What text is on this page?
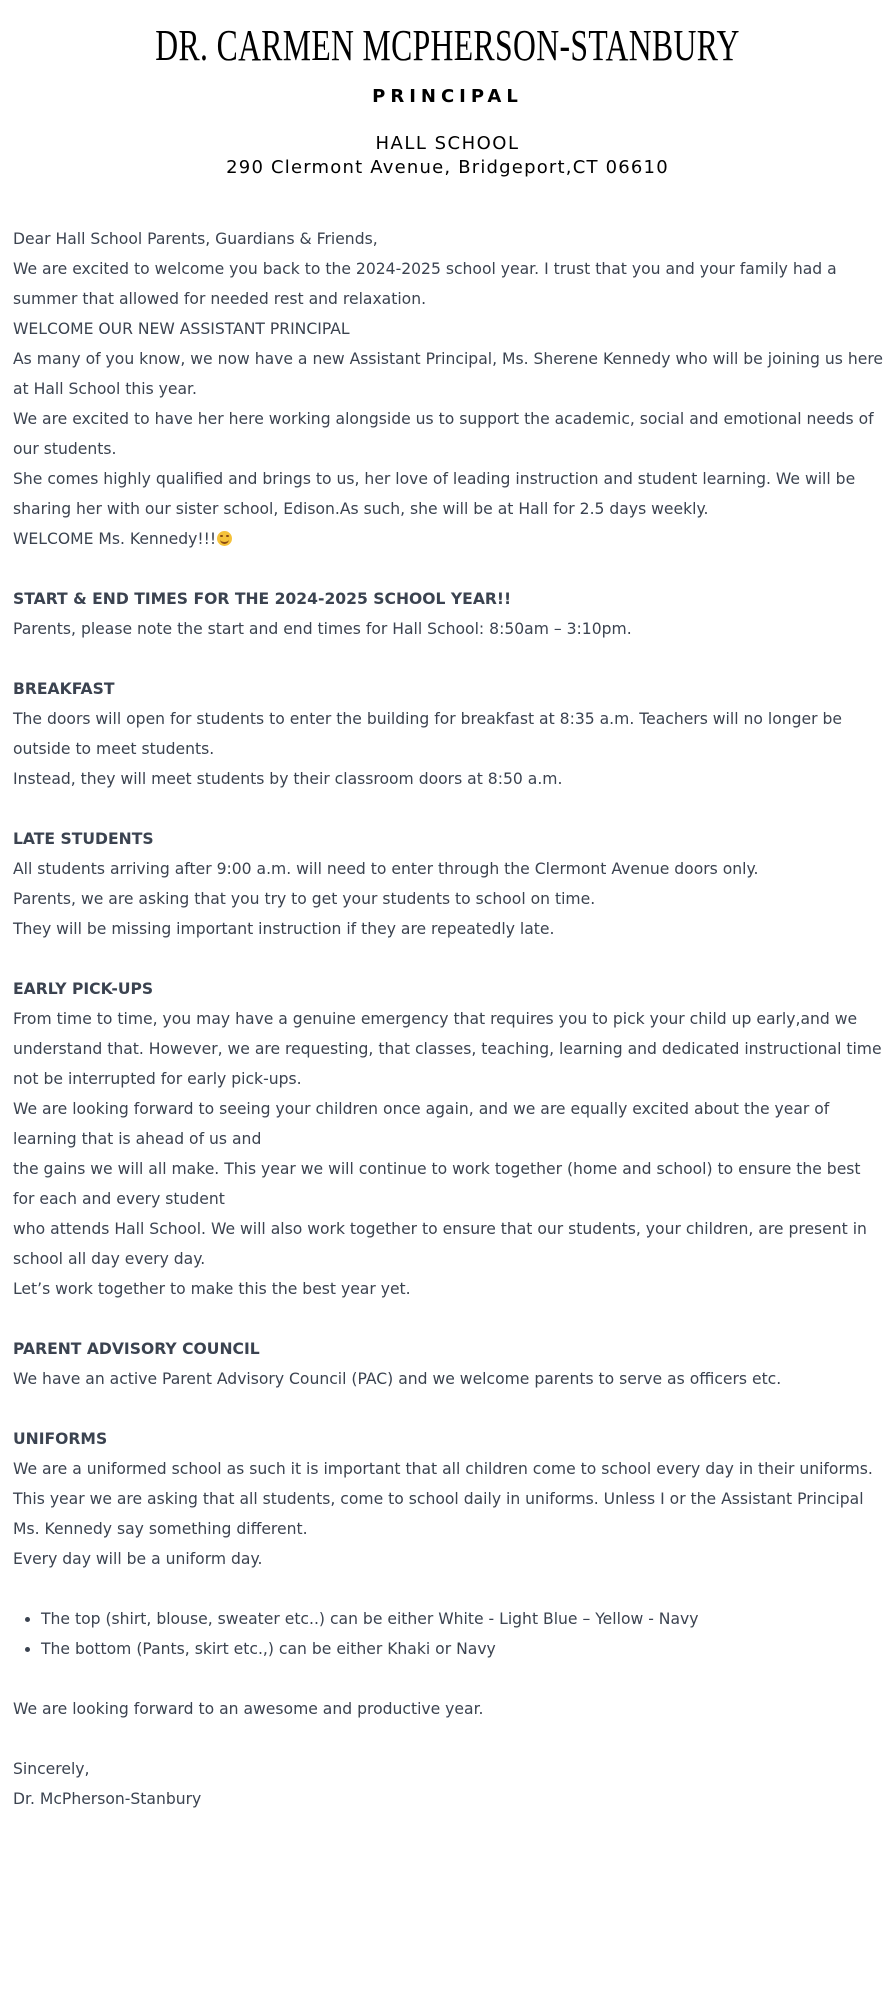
DR. CARMEN MCPHERSON-STANBURY
PRINCIPAL
HALL SCHOOL
290 Clermont Avenue, Bridgeport,CT 06610

Dear Hall School Parents, Guardians & Friends,

We are excited to welcome you back to the 2024-2025 school year. I trust that you and your family had a summer that allowed for needed rest and relaxation.

WELCOME OUR NEW ASSISTANT PRINCIPAL

As many of you know, we now have a new Assistant Principal, Ms. Sherene Kennedy who will be joining us here at Hall School this year.

We are excited to have her here working alongside us to support the academic, social and emotional needs of our students.

She comes highly qualified and brings to us, her love of leading instruction and student learning. We will be sharing her with our sister school, Edison.As such, she will be at Hall for 2.5 days weekly.

WELCOME Ms. Kennedy!!!

START & END TIMES FOR THE 2024-2025 SCHOOL YEAR!!

Parents, please note the start and end times for Hall School: 8:50am – 3:10pm.

BREAKFAST

The doors will open for students to enter the building for breakfast at 8:35 a.m. Teachers will no longer be outside to meet students.

Instead, they will meet students by their classroom doors at 8:50 a.m.

LATE STUDENTS

All students arriving after 9:00 a.m. will need to enter through the Clermont Avenue doors only.

Parents, we are asking that you try to get your students to school on time.

They will be missing important instruction if they are repeatedly late.

EARLY PICK-UPS

From time to time, you may have a genuine emergency that requires you to pick your child up early,and we understand that. However, we are requesting, that classes, teaching, learning and dedicated instructional time not be interrupted for early pick-ups.

We are looking forward to seeing your children once again, and we are equally excited about the year of learning that is ahead of us and

the gains we will all make. This year we will continue to work together (home and school) to ensure the best for each and every student

who attends Hall School. We will also work together to ensure that our students, your children, are present in school all day every day.

Let’s work together to make this the best year yet.

PARENT ADVISORY COUNCIL

We have an active Parent Advisory Council (PAC) and we welcome parents to serve as officers etc.

UNIFORMS

We are a uniformed school as such it is important that all children come to school every day in their uniforms.

This year we are asking that all students, come to school daily in uniforms. Unless I or the Assistant Principal Ms. Kennedy say something different.

Every day will be a uniform day.

• The top (shirt, blouse, sweater etc..) can be either White - Light Blue – Yellow - Navy
• The bottom (Pants, skirt etc.,) can be either Khaki or Navy

We are looking forward to an awesome and productive year.

Sincerely,

Dr. McPherson-Stanbury
